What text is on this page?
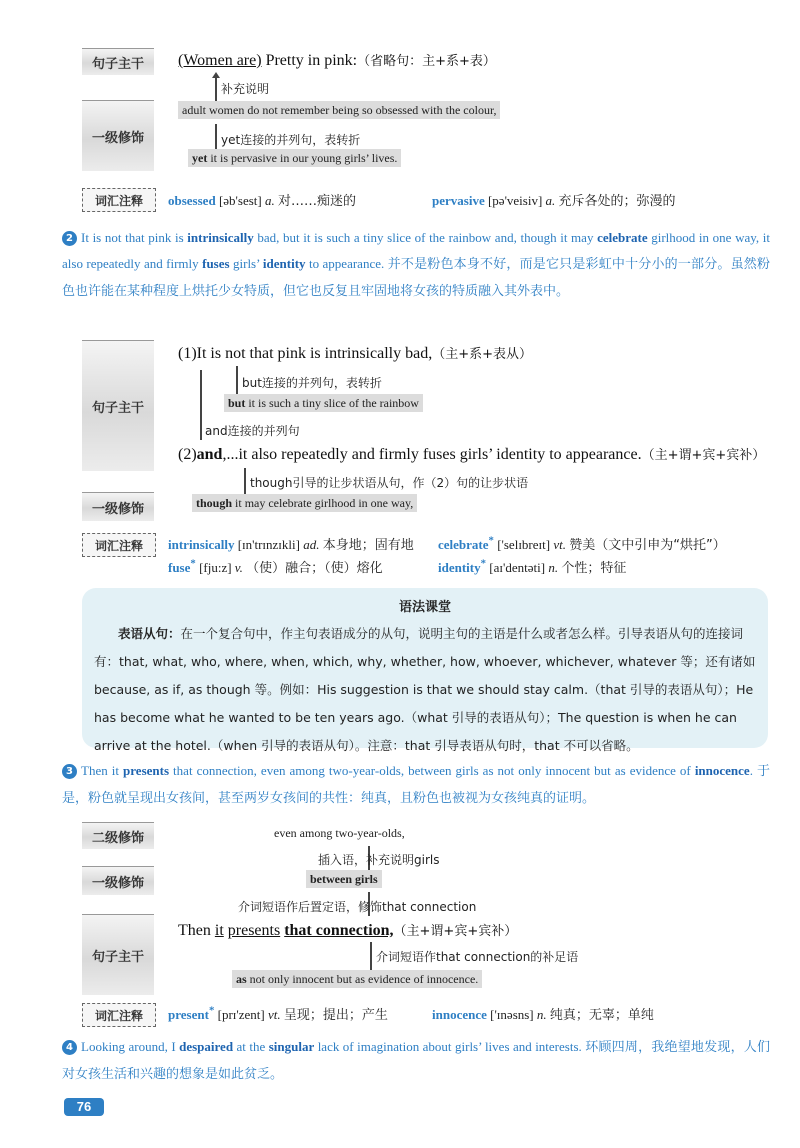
句子主干	(Women are) Pretty in pink:（省略句：主+系+表）
补充说明
一级修饰
adult women do not remember being so obsessed with the colour,
yet连接的并列句，表转折
yet it is pervasive in our young girls’ lives.
词汇注释	obsessed [əb'sest] a. 对……痴迷的	pervasive [pə'veisiv] a. 充斥各处的；弥漫的
2 It is not that pink is intrinsically bad, but it is such a tiny slice of the rainbow and, though it may celebrate girlhood in one way, it also repeatedly and firmly fuses girls’ identity to appearance. 并不是粉色本身不好，而是它只是彩虹中十分小的一部分。虽然粉色也许能在某种程度上烘托少女特质，但它也反复且牢固地将女孩的特质融入其外表中。
句子主干
(1)It is not that pink is intrinsically bad,（主+系+表从）
but连接的并列句，表转折
but it is such a tiny slice of the rainbow
and连接的并列句
(2)and,...it also repeatedly and firmly fuses girls’ identity to appearance.（主+谓+宾+宾补）
though引导的让步状语从句，作（2）句的让步状语
一级修饰	though it may celebrate girlhood in one way,
词汇注释	intrinsically [ɪn'trɪnzɪkli] ad. 本身地；固有地 celebrate* ['selɪbreɪt] vt. 赞美（文中引申为“烘托”）
fuse* [fju:z] v. （使）融合；（使）熔化	identity* [aɪ'dentəti] n. 个性；特征
语法课堂
表语从句：在一个复合句中，作主句表语成分的从句，说明主句的主语是什么或者怎么样。引导表语从句的连接词有：that, what, who, where, when, which, why, whether, how, whoever, whichever, whatever 等；还有诸如 because, as if, as though 等。例如：His suggestion is that we should stay calm.（that 引导的表语从句）；He has become what he wanted to be ten years ago.（what 引导的表语从句）；The question is when he can arrive at the hotel.（when 引导的表语从句）。注意：that 引导表语从句时，that 不可以省略。
3 Then it presents that connection, even among two-year-olds, between girls as not only innocent but as evidence of innocence. 于是，粉色就呈现出女孩间，甚至两岁女孩间的共性：纯真，且粉色也被视为女孩纯真的证明。
二级修饰	even among two-year-olds,
插入语，补充说明girls
一级修饰	between girls
介词短语作后置定语，修饰that connection
句子主干
Then it presents that connection,（主+谓+宾+宾补）
介词短语作that connection的补足语
as not only innocent but as evidence of innocence.
词汇注释	present* [prɪ'zent] vt. 呈现；提出；产生	innocence ['ɪnəsns] n. 纯真；无辜；单纯
4 Looking around, I despaired at the singular lack of imagination about girls’ lives and interests. 环顾四周，我绝望地发现，人们对女孩生活和兴趣的想象是如此贫乏。
76
